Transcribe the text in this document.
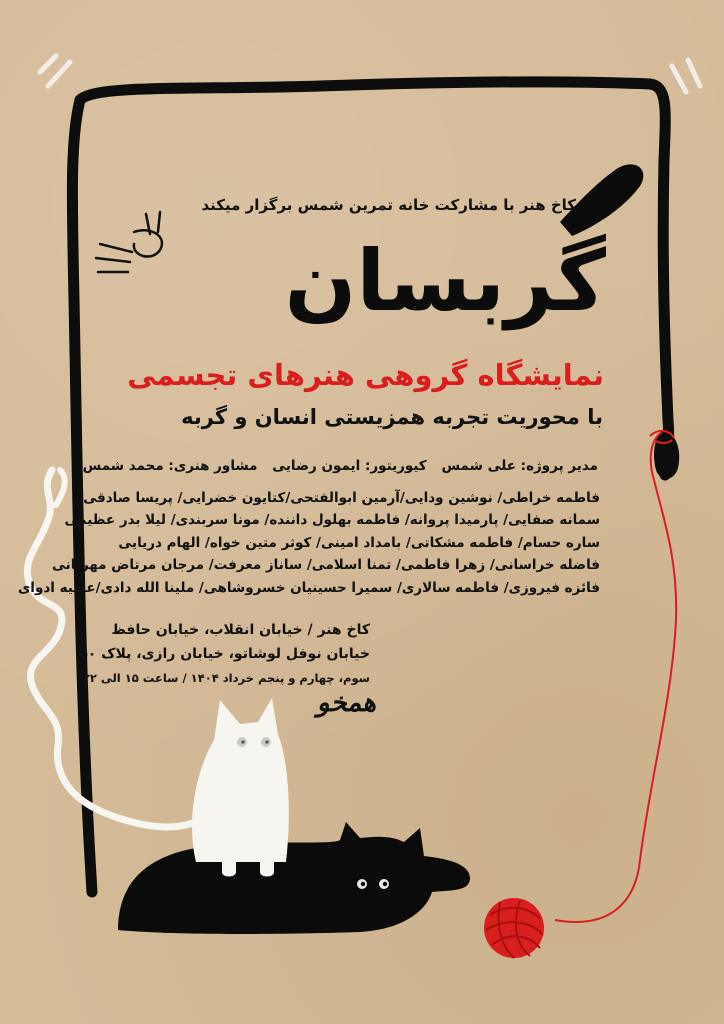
کاخ هنر با مشارکت خانه تمرین شمس برگزار میکند
گربسان
نمایشگاه گروهی هنرهای تجسمی
با محوریت تجربه همزیستی انسان و گربه
مدیر پروژه: علی شمس کیوریتور: ایمون رضایی مشاور هنری: محمد شمس
فاطمه خراطی/ نوشین ودایی/آرمین ابوالفتحی/کتایون خضرایی/ پریسا صادقی
سمانه صفایی/ پارمیدا پروانه/ فاطمه بهلول داننده/ مونا سربندی/ لیلا بدر عظیمی
ساره حسام/ فاطمه مشکاتی/ بامداد امینی/ کوثر متین خواه/ الهام دریایی
فاضله خراسانی/ زهرا فاطمی/ تمنا اسلامی/ ساناز معرفت/ مرجان مرتاض مهربانی
فائزه فیروزی/ فاطمه سالاری/ سمیرا حسینیان خسروشاهی/ ملینا الله دادی/عطیه ادوای
کاخ هنر / خیابان انقلاب، خیابان حافظ
خیابان نوفل لوشاتو، خیابان رازی، پلاک ۵۰
سوم، چهارم و پنجم خرداد ۱۴۰۴ / ساعت ۱۵ الی ۲۲
همخو
